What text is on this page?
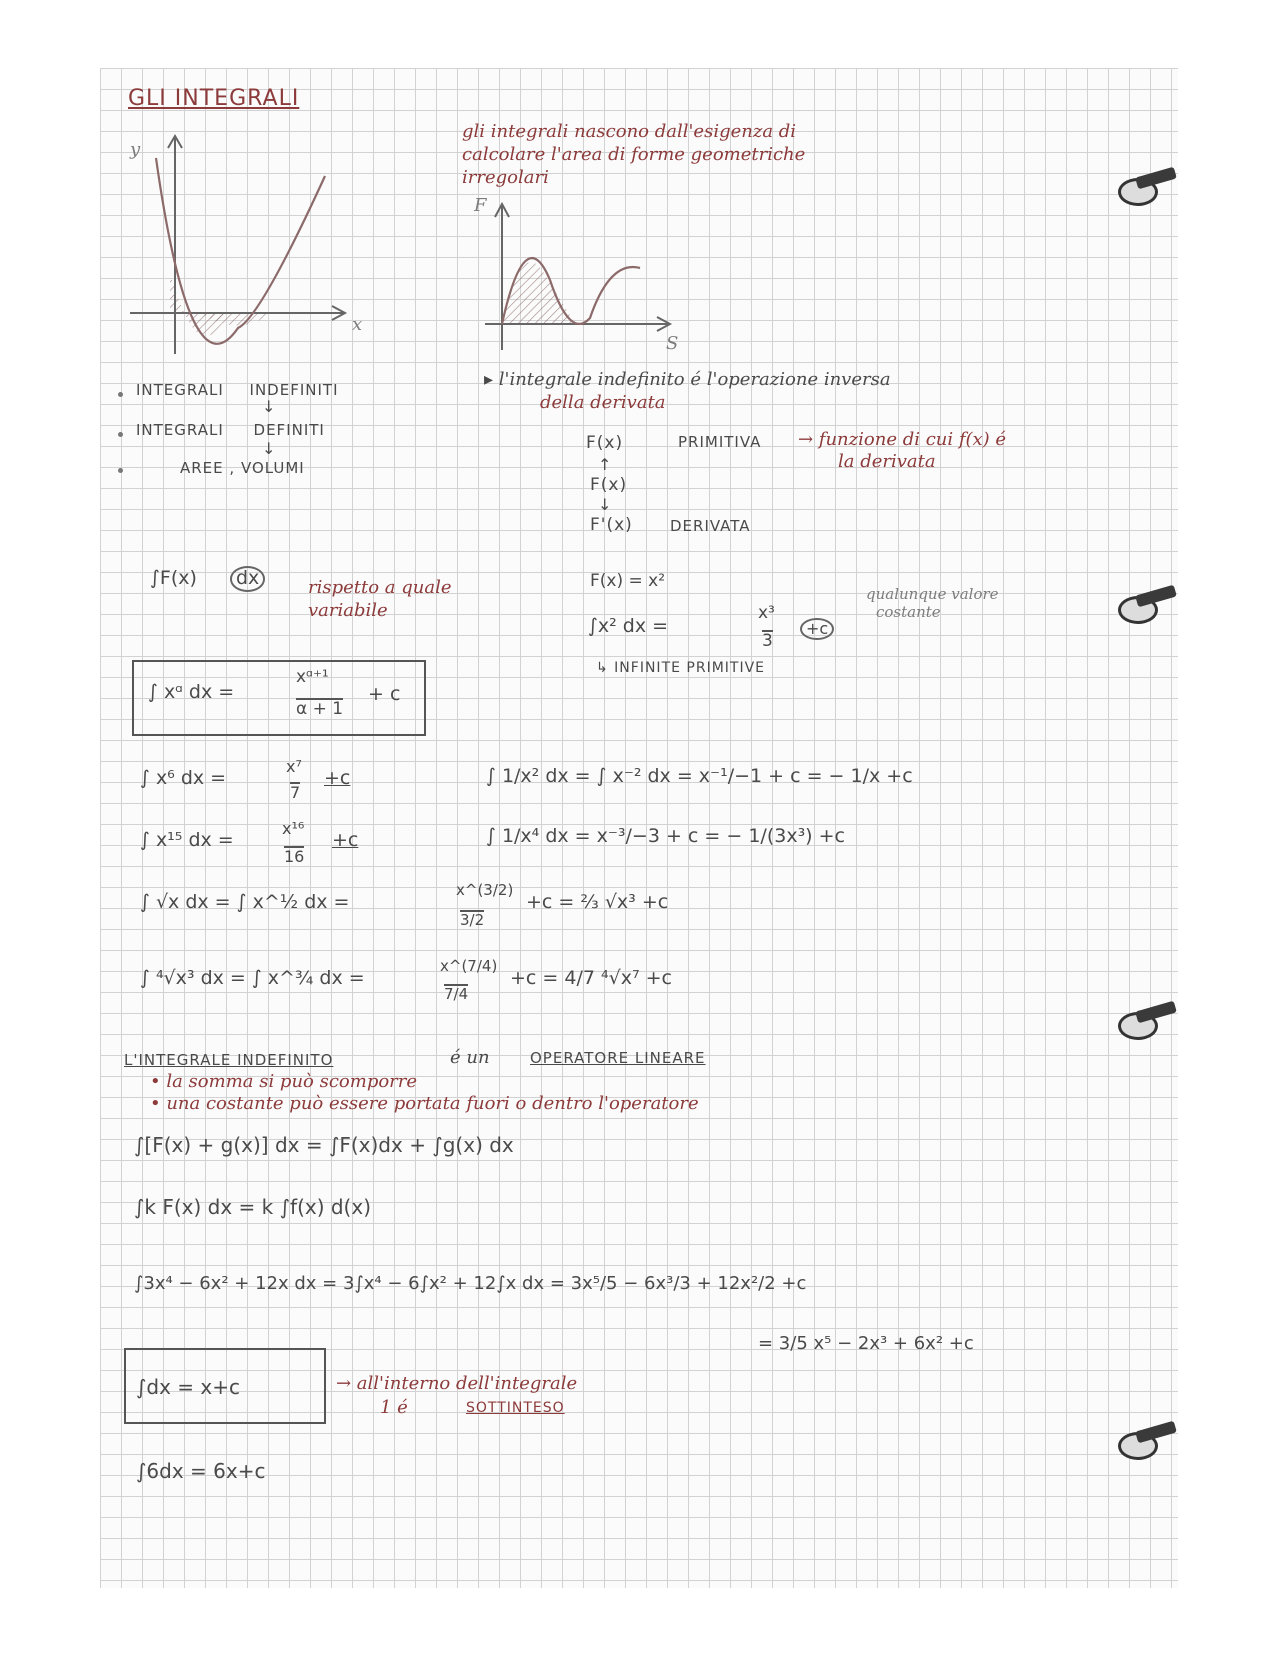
GLI INTEGRALI
y
x
gli integrali nascono dall'esigenza di
calcolare l'area di forme geometriche
irregolari
F
S
INTEGRALI INDEFINITI
↓
INTEGRALI DEFINITI
↓
AREE , VOLUMI
▸ l'integrale indefinito é l'operazione inversa
della derivata
F(x)	PRIMITIVA → funzione di cui f(x) é
la derivata
↑
F(x)
↓
F'(x) DERIVATA
∫F(x)	dx	rispetto a quale
variabile
F(x) = x²
∫x² dx =
x³
3
+c
qualunque valore
costante
↳ INFINITE PRIMITIVE
∫ xᵅ dx =
xᵅ⁺¹
α + 1
+ c
∫ x⁶ dx =
x⁷
7
+c
∫ x¹⁵ dx =
x¹⁶
16
+c
∫ √x dx = ∫ x^½ dx =
x^(3/2)
3/2
+c = ⅔ √x³ +c
∫ ⁴√x³ dx = ∫ x^¾ dx =
x^(7/4)
7/4
+c = 4/7 ⁴√x⁷ +c
∫ 1/x² dx = ∫ x⁻² dx = x⁻¹/−1 + c = − 1/x +c
∫ 1/x⁴ dx = x⁻³/−3 + c = − 1/(3x³) +c
L'INTEGRALE INDEFINITO	é un	OPERATORE LINEARE
• la somma si può scomporre
• una costante può essere portata fuori o dentro l'operatore
∫[F(x) + g(x)] dx = ∫F(x)dx + ∫g(x) dx
∫k F(x) dx = k ∫f(x) d(x)
∫3x⁴ − 6x² + 12x dx = 3∫x⁴ − 6∫x² + 12∫x dx = 3x⁵/5 − 6x³/3 + 12x²/2 +c
= 3/5 x⁵ − 2x³ + 6x² +c
∫dx = x+c	→ all'interno dell'integrale
1 é	SOTTINTESO
∫6dx = 6x+c
